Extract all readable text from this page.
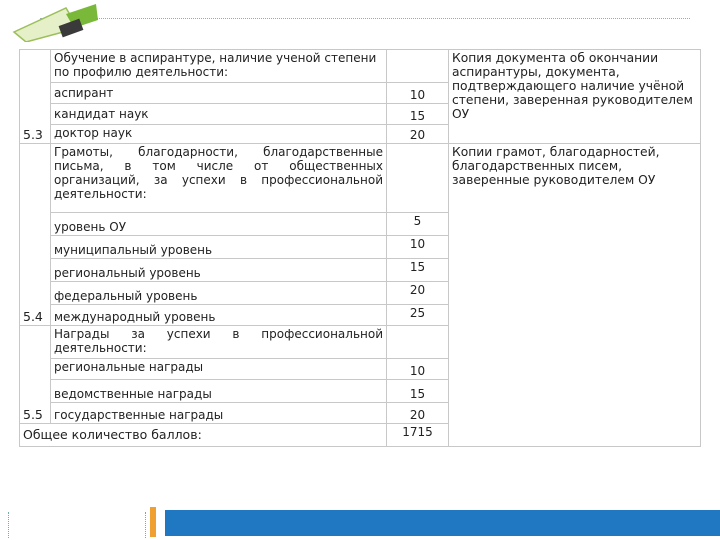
5.3	Обучение в аспирантуре, наличие ученой степени
по профилю деятельности:		Копия документа об окончании аспирантуры, документа, подтверждающего наличие учёной степени, заверенная руководителем ОУ
	аспирант	10	
	кандидат наук	15	
	доктор наук	20	
5.4	Грамоты, благодарности, благодарственные
письма, в том числе от общественных
организаций, за успехи в профессиональной
деятельности:		Копии грамот, благодарностей, благодарственных писем, заверенные руководителем ОУ
	уровень ОУ	5	
	муниципальный уровень	10	
	региональный уровень	15	
	федеральный уровень	20	
	международный уровень	25	
5.5	Награды за успехи в профессиональной
деятельности:		

	региональные награды	10	
	ведомственные награды	15	
	государственные награды	20	
Общее количество баллов:		1715	
